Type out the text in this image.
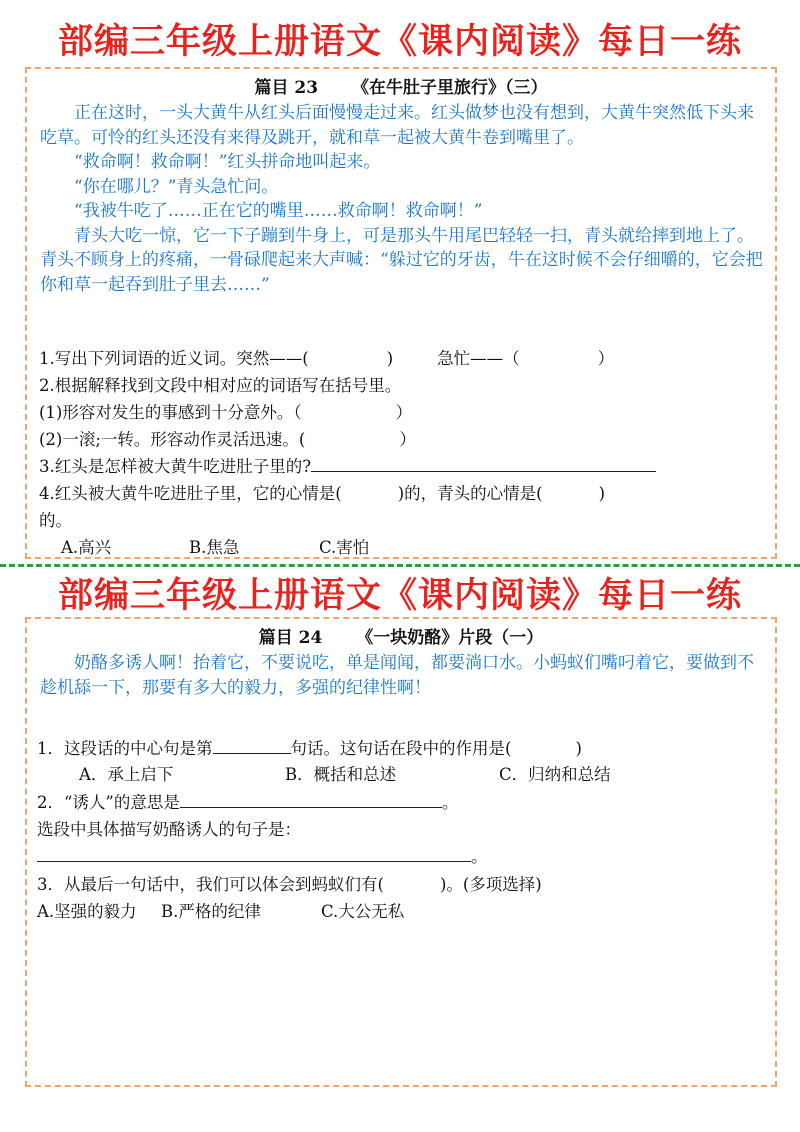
部编三年级上册语文《课内阅读》每日一练
篇目 23 《在牛肚子里旅行》（三）

正在这时，一头大黄牛从红头后面慢慢走过来。红头做梦也没有想到，大黄牛突然低下头来吃草。可怜的红头还没有来得及跳开，就和草一起被大黄牛卷到嘴里了。

“救命啊！救命啊！”红头拼命地叫起来。

“你在哪儿？”青头急忙问。

“我被牛吃了……正在它的嘴里……救命啊！救命啊！”

青头大吃一惊，它一下子蹦到牛身上，可是那头牛用尾巴轻轻一扫，青头就给摔到地上了。青头不顾身上的疼痛，一骨碌爬起来大声喊：“躲过它的牙齿，牛在这时候不会仔细嚼的，它会把你和草一起吞到肚子里去……”

1.写出下列词语的近义词。突然——(	)	急忙——（	）
2.根据解释找到文段中相对应的词语写在括号里。
(1)形容对发生的事感到十分意外。（	）
(2)一滚;一转。形容动作灵活迅速。(	）
3.红头是怎样被大黄牛吃进肚子里的?
4.红头被大黄牛吃进肚子里，它的心情是(	)的，青头的心情是(	)
的。
A.高兴	B.焦急	C.害怕
部编三年级上册语文《课内阅读》每日一练
篇目 24 《一块奶酪》片段（一）

奶酪多诱人啊！抬着它，不要说吃，单是闻闻，都要淌口水。小蚂蚁们嘴叼着它，要做到不趁机舔一下，那要有多大的毅力，多强的纪律性啊！

1．这段话的中心句是第	句话。这句话在段中的作用是(	)
A．承上启下	B．概括和总述	C．归纳和总结
2．“诱人”的意思是	。
选段中具体描写奶酪诱人的句子是：
。
3．从最后一句话中，我们可以体会到蚂蚁们有(	)。(多项选择)
A.坚强的毅力 B.严格的纪律	C.大公无私
